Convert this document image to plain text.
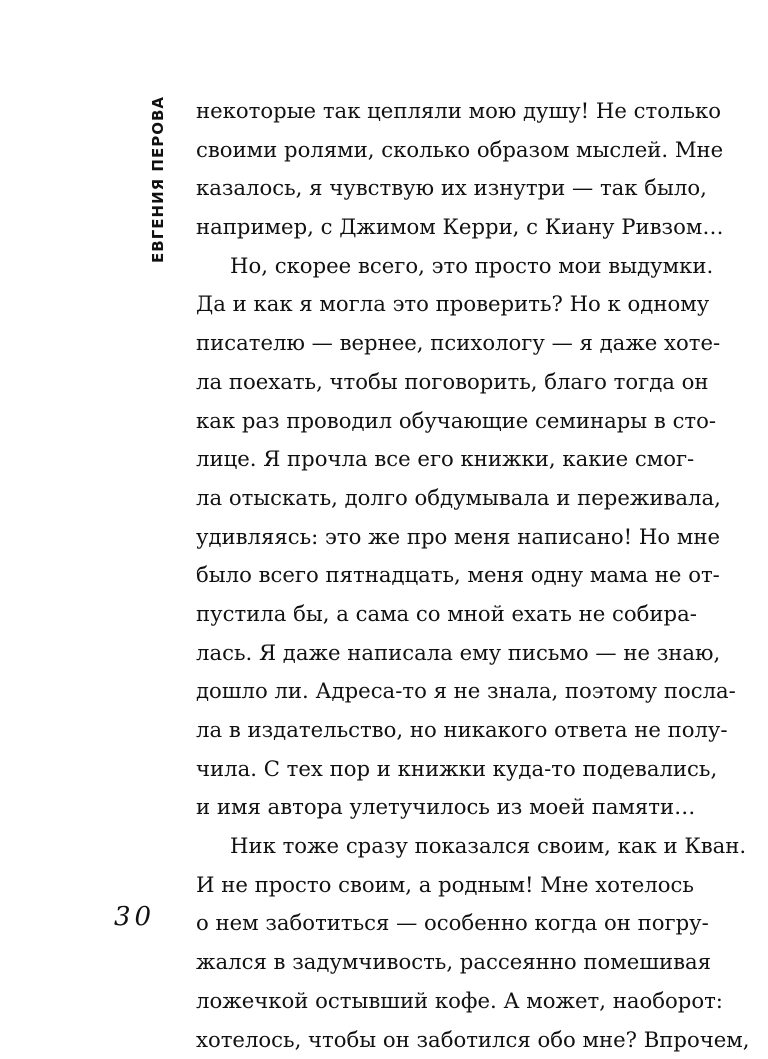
ЕВГЕНИЯ ПЕРОВА
30
некоторые так цепляли мою душу! Не столько
своими ролями, сколько образом мыслей. Мне
казалось, я чувствую их изнутри — так было,
например, с Джимом Керри, с Киану Ривзом…
Но, скорее всего, это просто мои выдумки.
Да и как я могла это проверить? Но к одному
писателю — вернее, психологу — я даже хоте-
ла поехать, чтобы поговорить, благо тогда он
как раз проводил обучающие семинары в сто-
лице. Я прочла все его книжки, какие смог-
ла отыскать, долго обдумывала и переживала,
удивляясь: это же про меня написано! Но мне
было всего пятнадцать, меня одну мама не от-
пустила бы, а сама со мной ехать не собира-
лась. Я даже написала ему письмо — не знаю,
дошло ли. Адреса-то я не знала, поэтому посла-
ла в издательство, но никакого ответа не полу-
чила. С тех пор и книжки куда-то подевались,
и имя автора улетучилось из моей памяти…
Ник тоже сразу показался своим, как и Кван.
И не просто своим, а родным! Мне хотелось
о нем заботиться — особенно когда он погру-
жался в задумчивость, рассеянно помешивая
ложечкой остывший кофе. А может, наоборот:
хотелось, чтобы он заботился обо мне? Впрочем,
